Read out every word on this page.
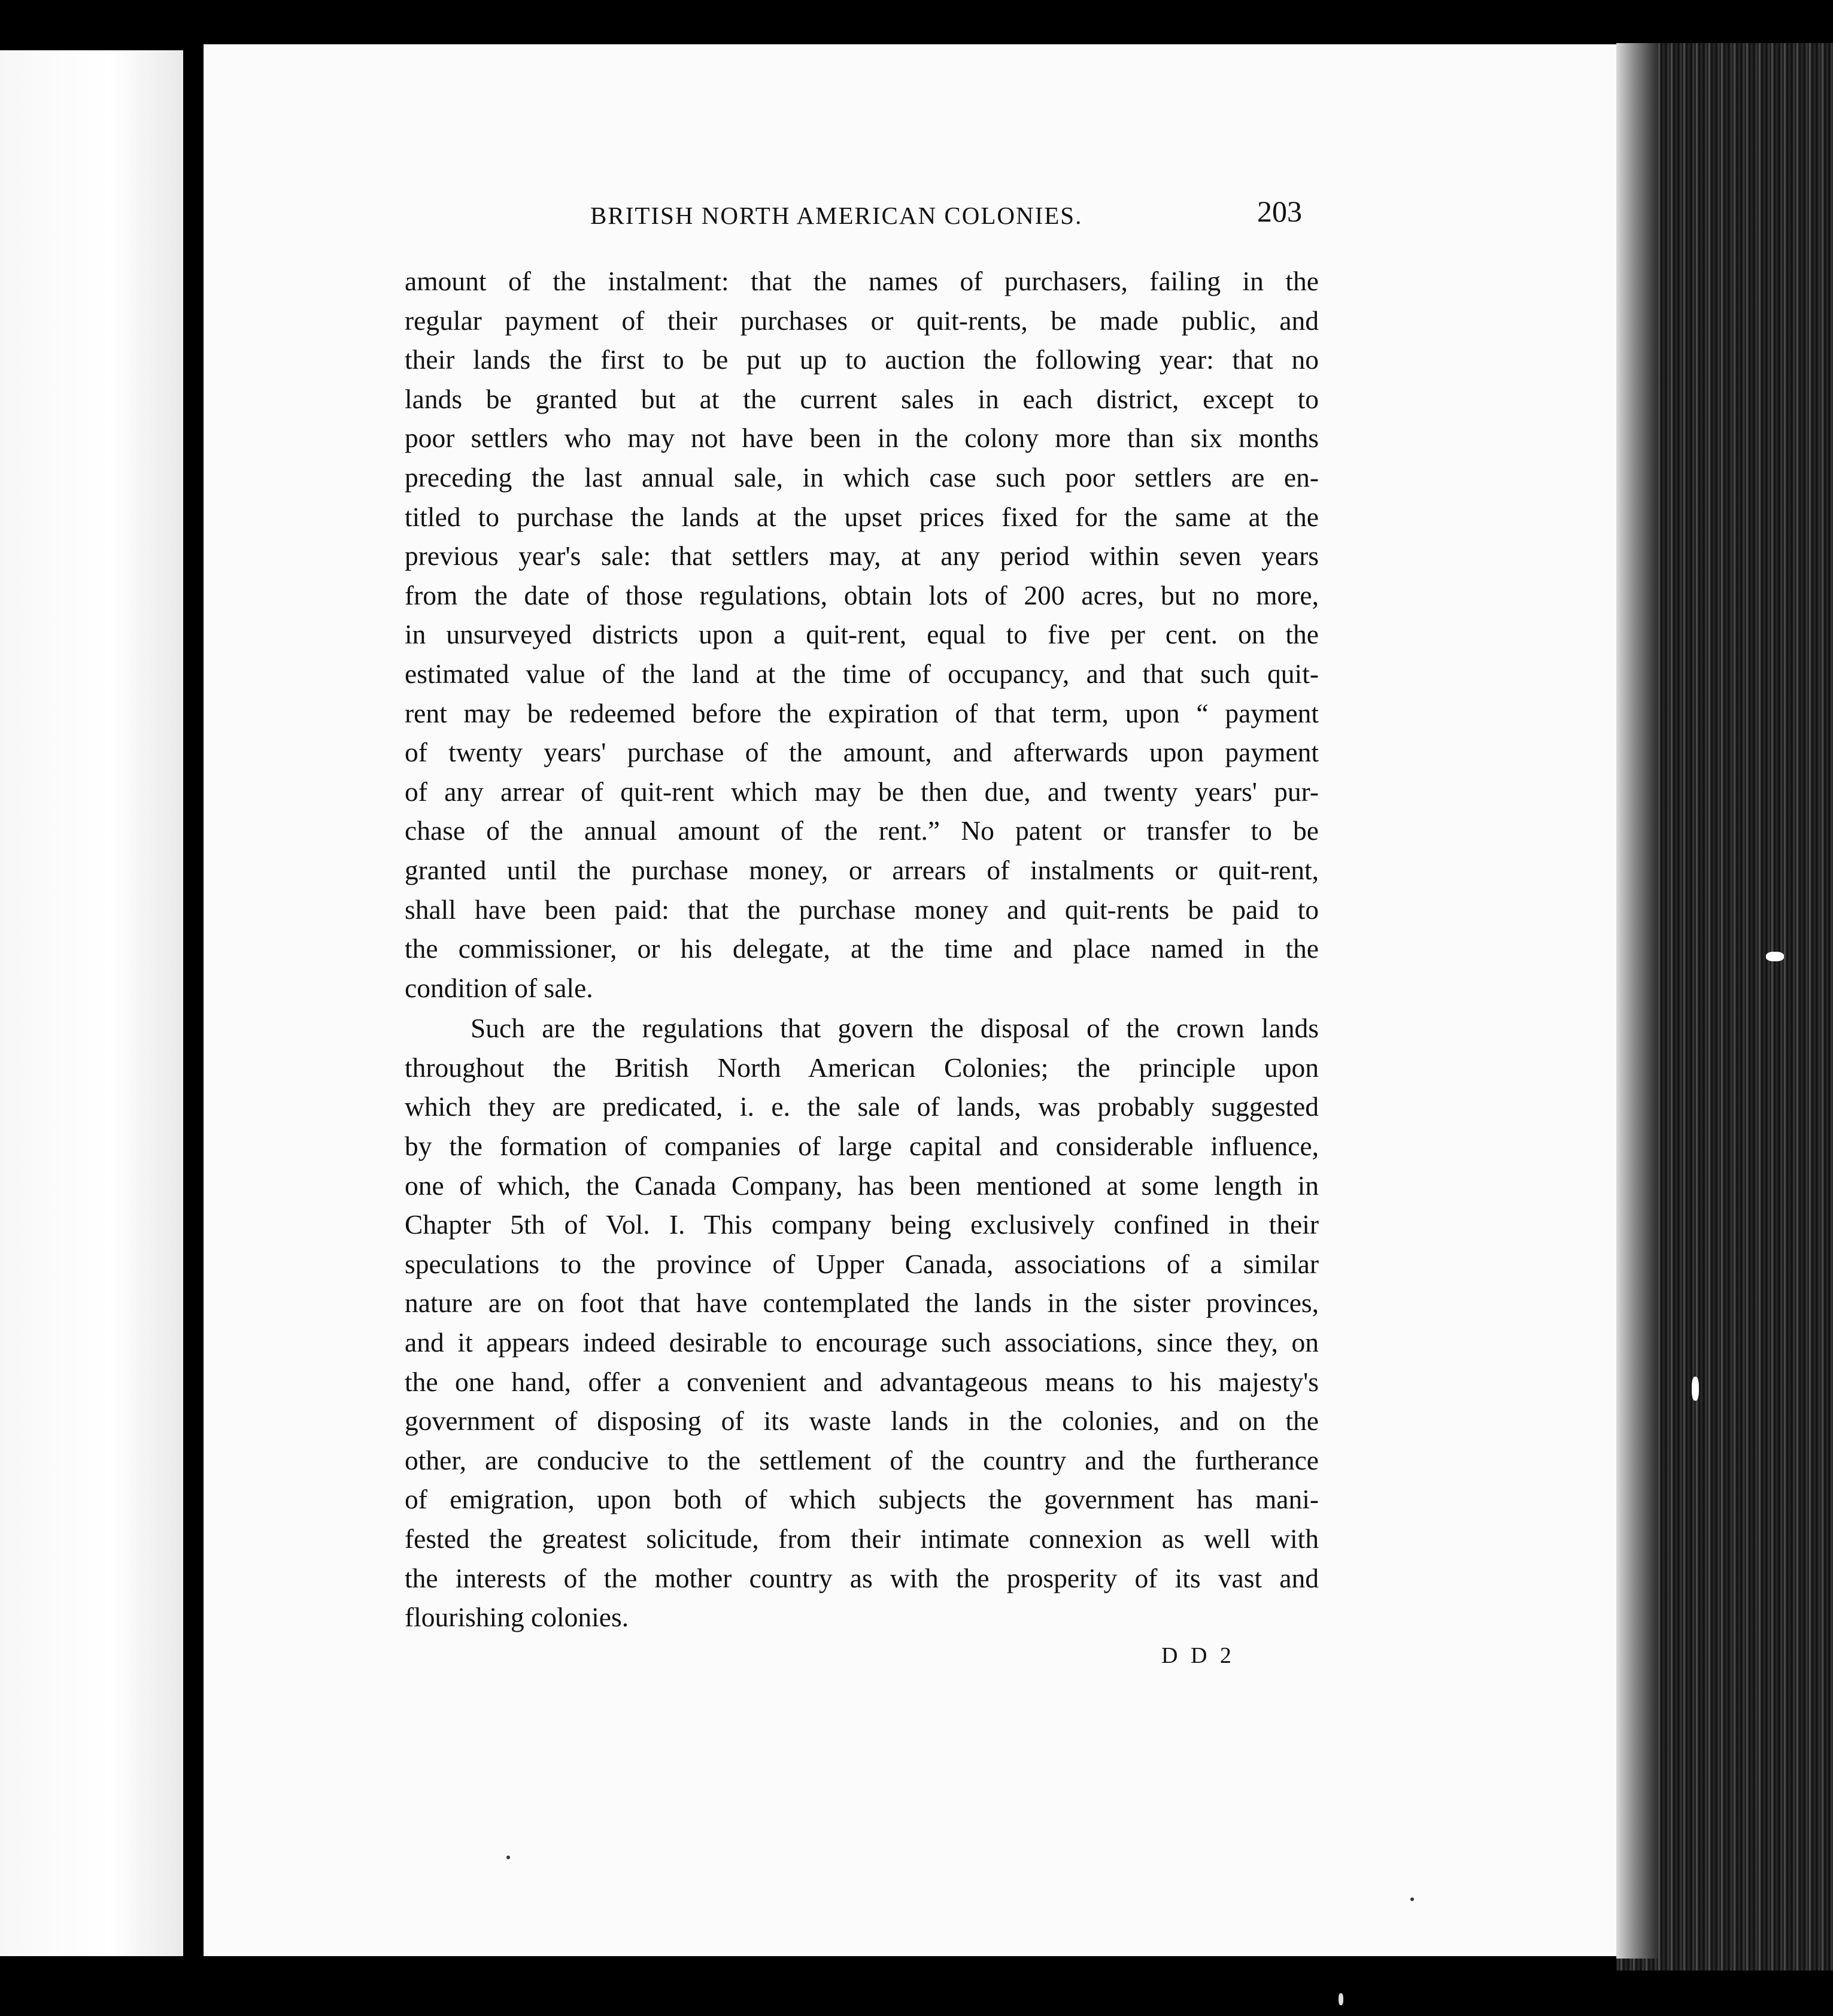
BRITISH NORTH AMERICAN COLONIES.	203
amount of the instalment: that the names of purchasers, failing in the
regular payment of their purchases or quit-rents, be made public, and
their lands the first to be put up to auction the following year: that no
lands be granted but at the current sales in each district, except to
poor settlers who may not have been in the colony more than six months
preceding the last annual sale, in which case such poor settlers are en-
titled to purchase the lands at the upset prices fixed for the same at the
previous year's sale: that settlers may, at any period within seven years
from the date of those regulations, obtain lots of 200 acres, but no more,
in unsurveyed districts upon a quit-rent, equal to five per cent. on the
estimated value of the land at the time of occupancy, and that such quit-
rent may be redeemed before the expiration of that term, upon “ payment
of twenty years' purchase of the amount, and afterwards upon payment
of any arrear of quit-rent which may be then due, and twenty years' pur-
chase of the annual amount of the rent.” No patent or transfer to be
granted until the purchase money, or arrears of instalments or quit-rent,
shall have been paid: that the purchase money and quit-rents be paid to
the commissioner, or his delegate, at the time and place named in the
condition of sale.
Such are the regulations that govern the disposal of the crown lands
throughout the British North American Colonies; the principle upon
which they are predicated, i. e. the sale of lands, was probably suggested
by the formation of companies of large capital and considerable influence,
one of which, the Canada Company, has been mentioned at some length in
Chapter 5th of Vol. I. This company being exclusively confined in their
speculations to the province of Upper Canada, associations of a similar
nature are on foot that have contemplated the lands in the sister provinces,
and it appears indeed desirable to encourage such associations, since they, on
the one hand, offer a convenient and advantageous means to his majesty's
government of disposing of its waste lands in the colonies, and on the
other, are conducive to the settlement of the country and the furtherance
of emigration, upon both of which subjects the government has mani-
fested the greatest solicitude, from their intimate connexion as well with
the interests of the mother country as with the prosperity of its vast and
flourishing colonies.
D D 2
